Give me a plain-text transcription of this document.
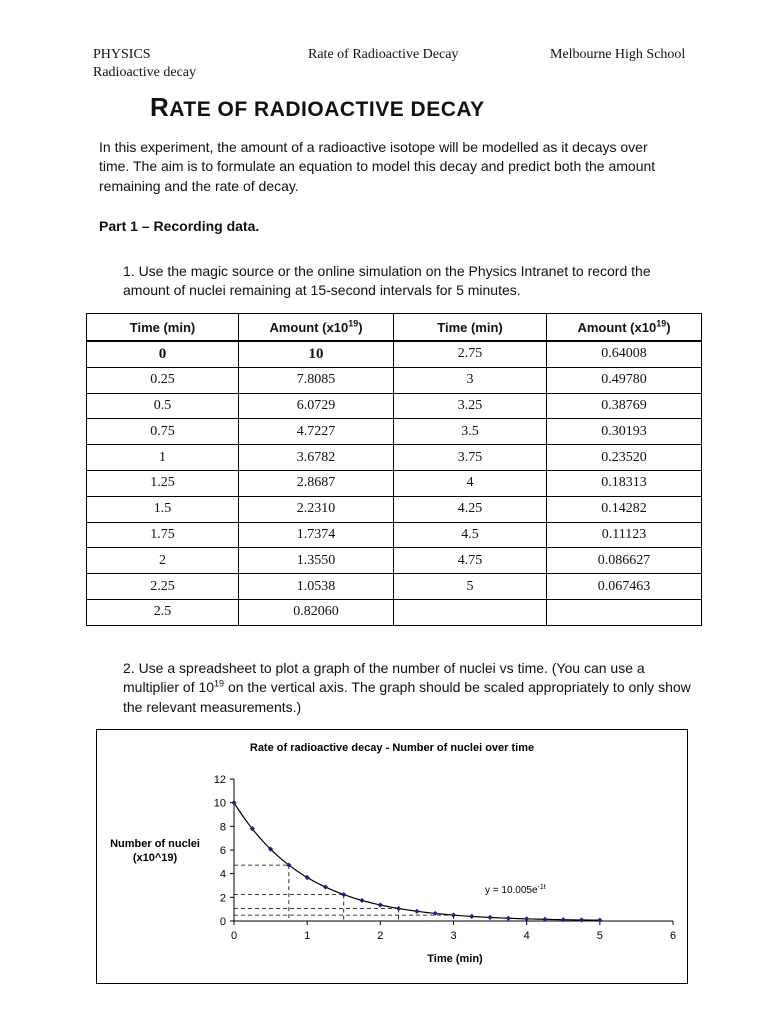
PHYSICS	Rate of Radioactive Decay	Melbourne High School
Radioactive decay
RATE OF RADIOACTIVE DECAY
In this experiment, the amount of a radioactive isotope will be modelled as it decays over time. The aim is to formulate an equation to model this decay and predict both the amount remaining and the rate of decay.
Part 1 – Recording data.
1. Use the magic source or the online simulation on the Physics Intranet to record the amount of nuclei remaining at 15-second intervals for 5 minutes.
Time (min)	Amount $(x10^{19})$	Time (min)	Amount $(x10^{19})$
0	10	2.75	0.64008
0.25	7.8085	3	0.49780
0.5	6.0729	3.25	0.38769
0.75	4.7227	3.5	0.30193
1	3.6782	3.75	0.23520
1.25	2.8687	4	0.18313
1.5	2.2310	4.25	0.14282
1.75	1.7374	4.5	0.11123
2	1.3550	4.75	0.086627
2.25	1.0538	5	0.067463
2.5	0.82060		
2. Use a spreadsheet to plot a graph of the number of nuclei vs time. (You can use a multiplier of $10^{19}$ on the vertical axis. The graph should be scaled appropriately to only show the relevant measurements.)
Rate of radioactive decay - Number of nuclei over time
0
2
4
6
8
10
12
0	1	2	3	4	5	6
Time (min)
Number of nuclei
(x10^19)
$y = 10.005e^{-1t}$
